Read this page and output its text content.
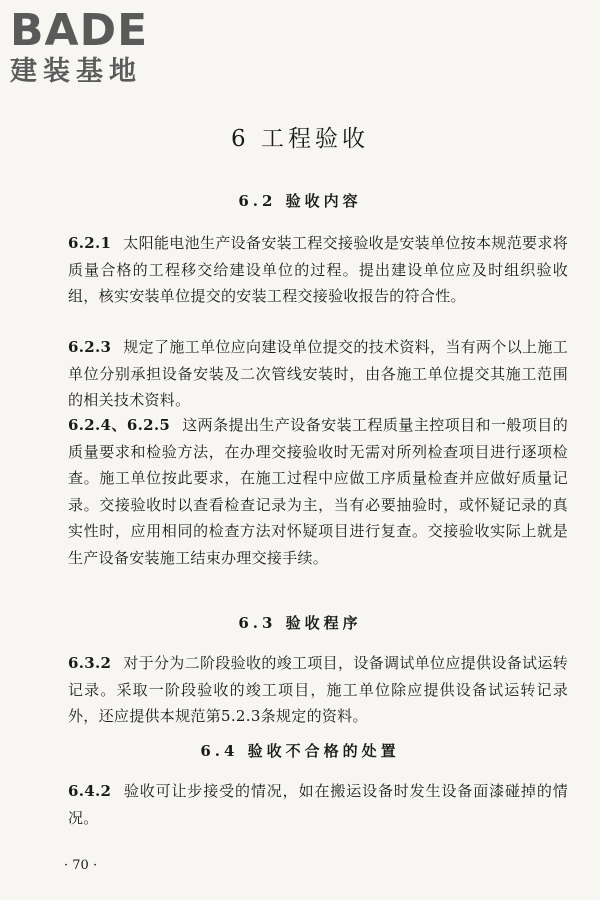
BADE
建装基地
6 工程验收
6.2 验收内容
6.2.1 太阳能电池生产设备安装工程交接验收是安装单位按本规范要求将质量合格的工程移交给建设单位的过程。提出建设单位应及时组织验收组，核实安装单位提交的安装工程交接验收报告的符合性。
6.2.3 规定了施工单位应向建设单位提交的技术资料，当有两个以上施工单位分别承担设备安装及二次管线安装时，由各施工单位提交其施工范围的相关技术资料。
6.2.4、6.2.5 这两条提出生产设备安装工程质量主控项目和一般项目的质量要求和检验方法，在办理交接验收时无需对所列检查项目进行逐项检查。施工单位按此要求，在施工过程中应做工序质量检查并应做好质量记录。交接验收时以查看检查记录为主，当有必要抽验时，或怀疑记录的真实性时，应用相同的检查方法对怀疑项目进行复查。交接验收实际上就是生产设备安装施工结束办理交接手续。
6.3 验收程序
6.3.2 对于分为二阶段验收的竣工项目，设备调试单位应提供设备试运转记录。采取一阶段验收的竣工项目，施工单位除应提供设备试运转记录外，还应提供本规范第5.2.3条规定的资料。
6.4 验收不合格的处置
6.4.2 验收可让步接受的情况，如在搬运设备时发生设备面漆碰掉的情况。
· 70 ·
